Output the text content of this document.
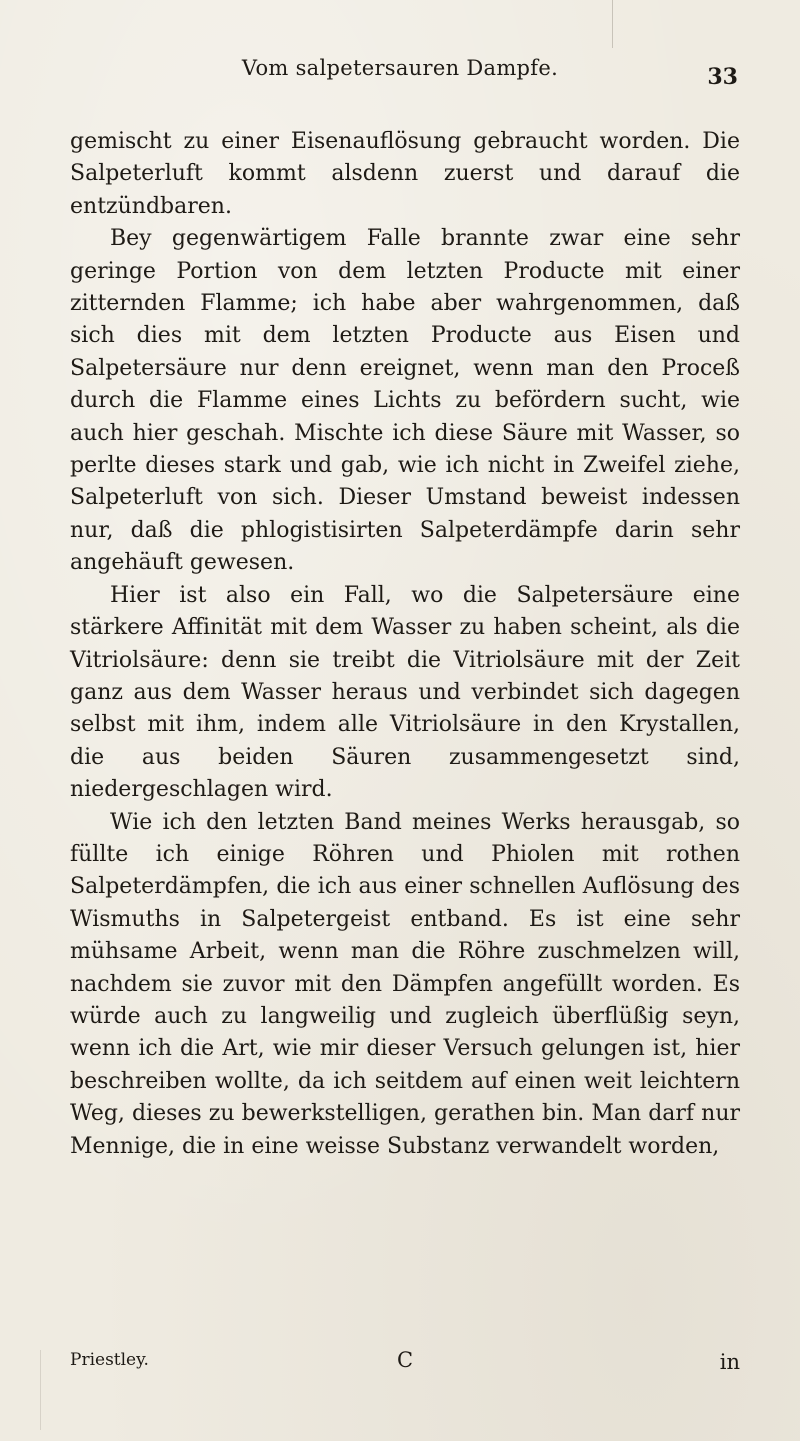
Vom salpetersauren Dampfe.	33

gemischt zu einer Eisenauflösung gebraucht worden. Die Salpeterluft kommt alsdenn zuerst und darauf die entzündbaren.

Bey gegenwärtigem Falle brannte zwar eine sehr geringe Portion von dem letzten Producte mit einer zitternden Flamme; ich habe aber wahrgenommen, daß sich dies mit dem letzten Producte aus Eisen und Salpetersäure nur denn ereignet, wenn man den Proceß durch die Flamme eines Lichts zu befördern sucht, wie auch hier geschah. Mischte ich diese Säure mit Wasser, so perlte dieses stark und gab, wie ich nicht in Zweifel ziehe, Salpeterluft von sich. Dieser Umstand beweist indessen nur, daß die phlogistisirten Salpeterdämpfe darin sehr angehäuft gewesen.

Hier ist also ein Fall, wo die Salpetersäure eine stärkere Affinität mit dem Wasser zu haben scheint, als die Vitriolsäure: denn sie treibt die Vitriolsäure mit der Zeit ganz aus dem Wasser heraus und verbindet sich dagegen selbst mit ihm, indem alle Vitriolsäure in den Krystallen, die aus beiden Säuren zusammengesetzt sind, niedergeschlagen wird.

Wie ich den letzten Band meines Werks herausgab, so füllte ich einige Röhren und Phiolen mit rothen Salpeterdämpfen, die ich aus einer schnellen Auflösung des Wismuths in Salpetergeist entband. Es ist eine sehr mühsame Arbeit, wenn man die Röhre zuschmelzen will, nachdem sie zuvor mit den Dämpfen angefüllt worden. Es würde auch zu langweilig und zugleich überflüßig seyn, wenn ich die Art, wie mir dieser Versuch gelungen ist, hier beschreiben wollte, da ich seitdem auf einen weit leichtern Weg, dieses zu bewerkstelligen, gerathen bin. Man darf nur Mennige, die in eine weisse Substanz verwandelt worden,

Priestley.	C	in
